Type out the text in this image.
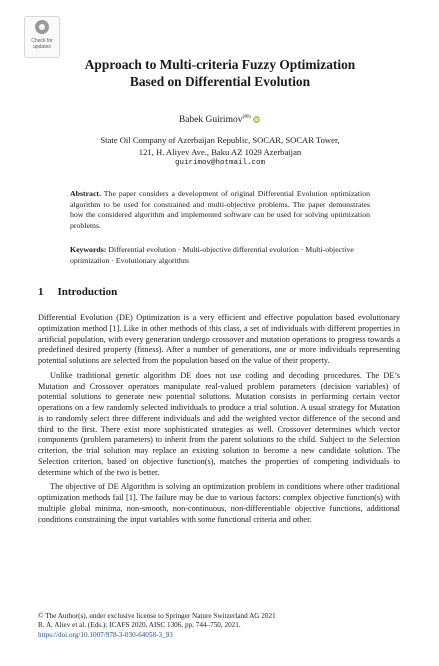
Check for
updates
Approach to Multi-criteria Fuzzy Optimization
Based on Differential Evolution
Babek Guirimov(✉) iD
State Oil Company of Azerbaijan Republic, SOCAR, SOCAR Tower,
121, H. Aliyev Ave., Baku AZ 1029 Azerbaijan
guirimov@hotmail.com
Abstract. The paper considers a development of original Differential Evolution optimization algorithm to be used for constrained and multi-objective problems. The paper demonstrates how the considered algorithm and implemented software can be used for solving optimization problems.
Keywords: Differential evolution · Multi-objective differential evolution · Multi-objective optimization · Evolutionary algorithm
1 Introduction

Differential Evolution (DE) Optimization is a very efficient and effective population based evolutionary optimization method [1]. Like in other methods of this class, a set of individuals with different properties in artificial population, with every generation undergo crossover and mutation operations to progress towards a predefined desired property (fitness). After a number of generations, one or more individuals representing potential solutions are selected from the population based on the value of their property.

Unlike traditional genetic algorithm DE does not use coding and decoding procedures. The DE’s Mutation and Crossover operators manipulate real-valued problem parameters (decision variables) of potential solutions to generate new potential solutions. Mutation consists in performing certain vector operations on a few randomly selected individuals to produce a trial solution. A usual strategy for Mutation is to randomly select three different individuals and add the weighted vector difference of the second and third to the first. There exist more sophisticated strategies as well. Crossover determines which vector components (problem parameters) to inherit from the parent solutions to the child. Subject to the Selection criterion, the trial solution may replace an existing solution to become a new candidate solution. The Selection criterion, based on objective function(s), matches the properties of competing individuals to determine which of the two is better.

The objective of DE Algorithm is solving an optimization problem in conditions where other traditional optimization methods fail [1]. The failure may be due to various factors: complex objective function(s) with multiple global minima, non-smooth, non-continuous, non-differentiable objective functions, additional conditions constraining the input variables with some functional criteria and other.

© The Author(s), under exclusive license to Springer Nature Switzerland AG 2021
R. A. Aliev et al. (Eds.): ICAFS 2020, AISC 1306, pp. 744–750, 2021.
https://doi.org/10.1007/978-3-030-64058-3_93
